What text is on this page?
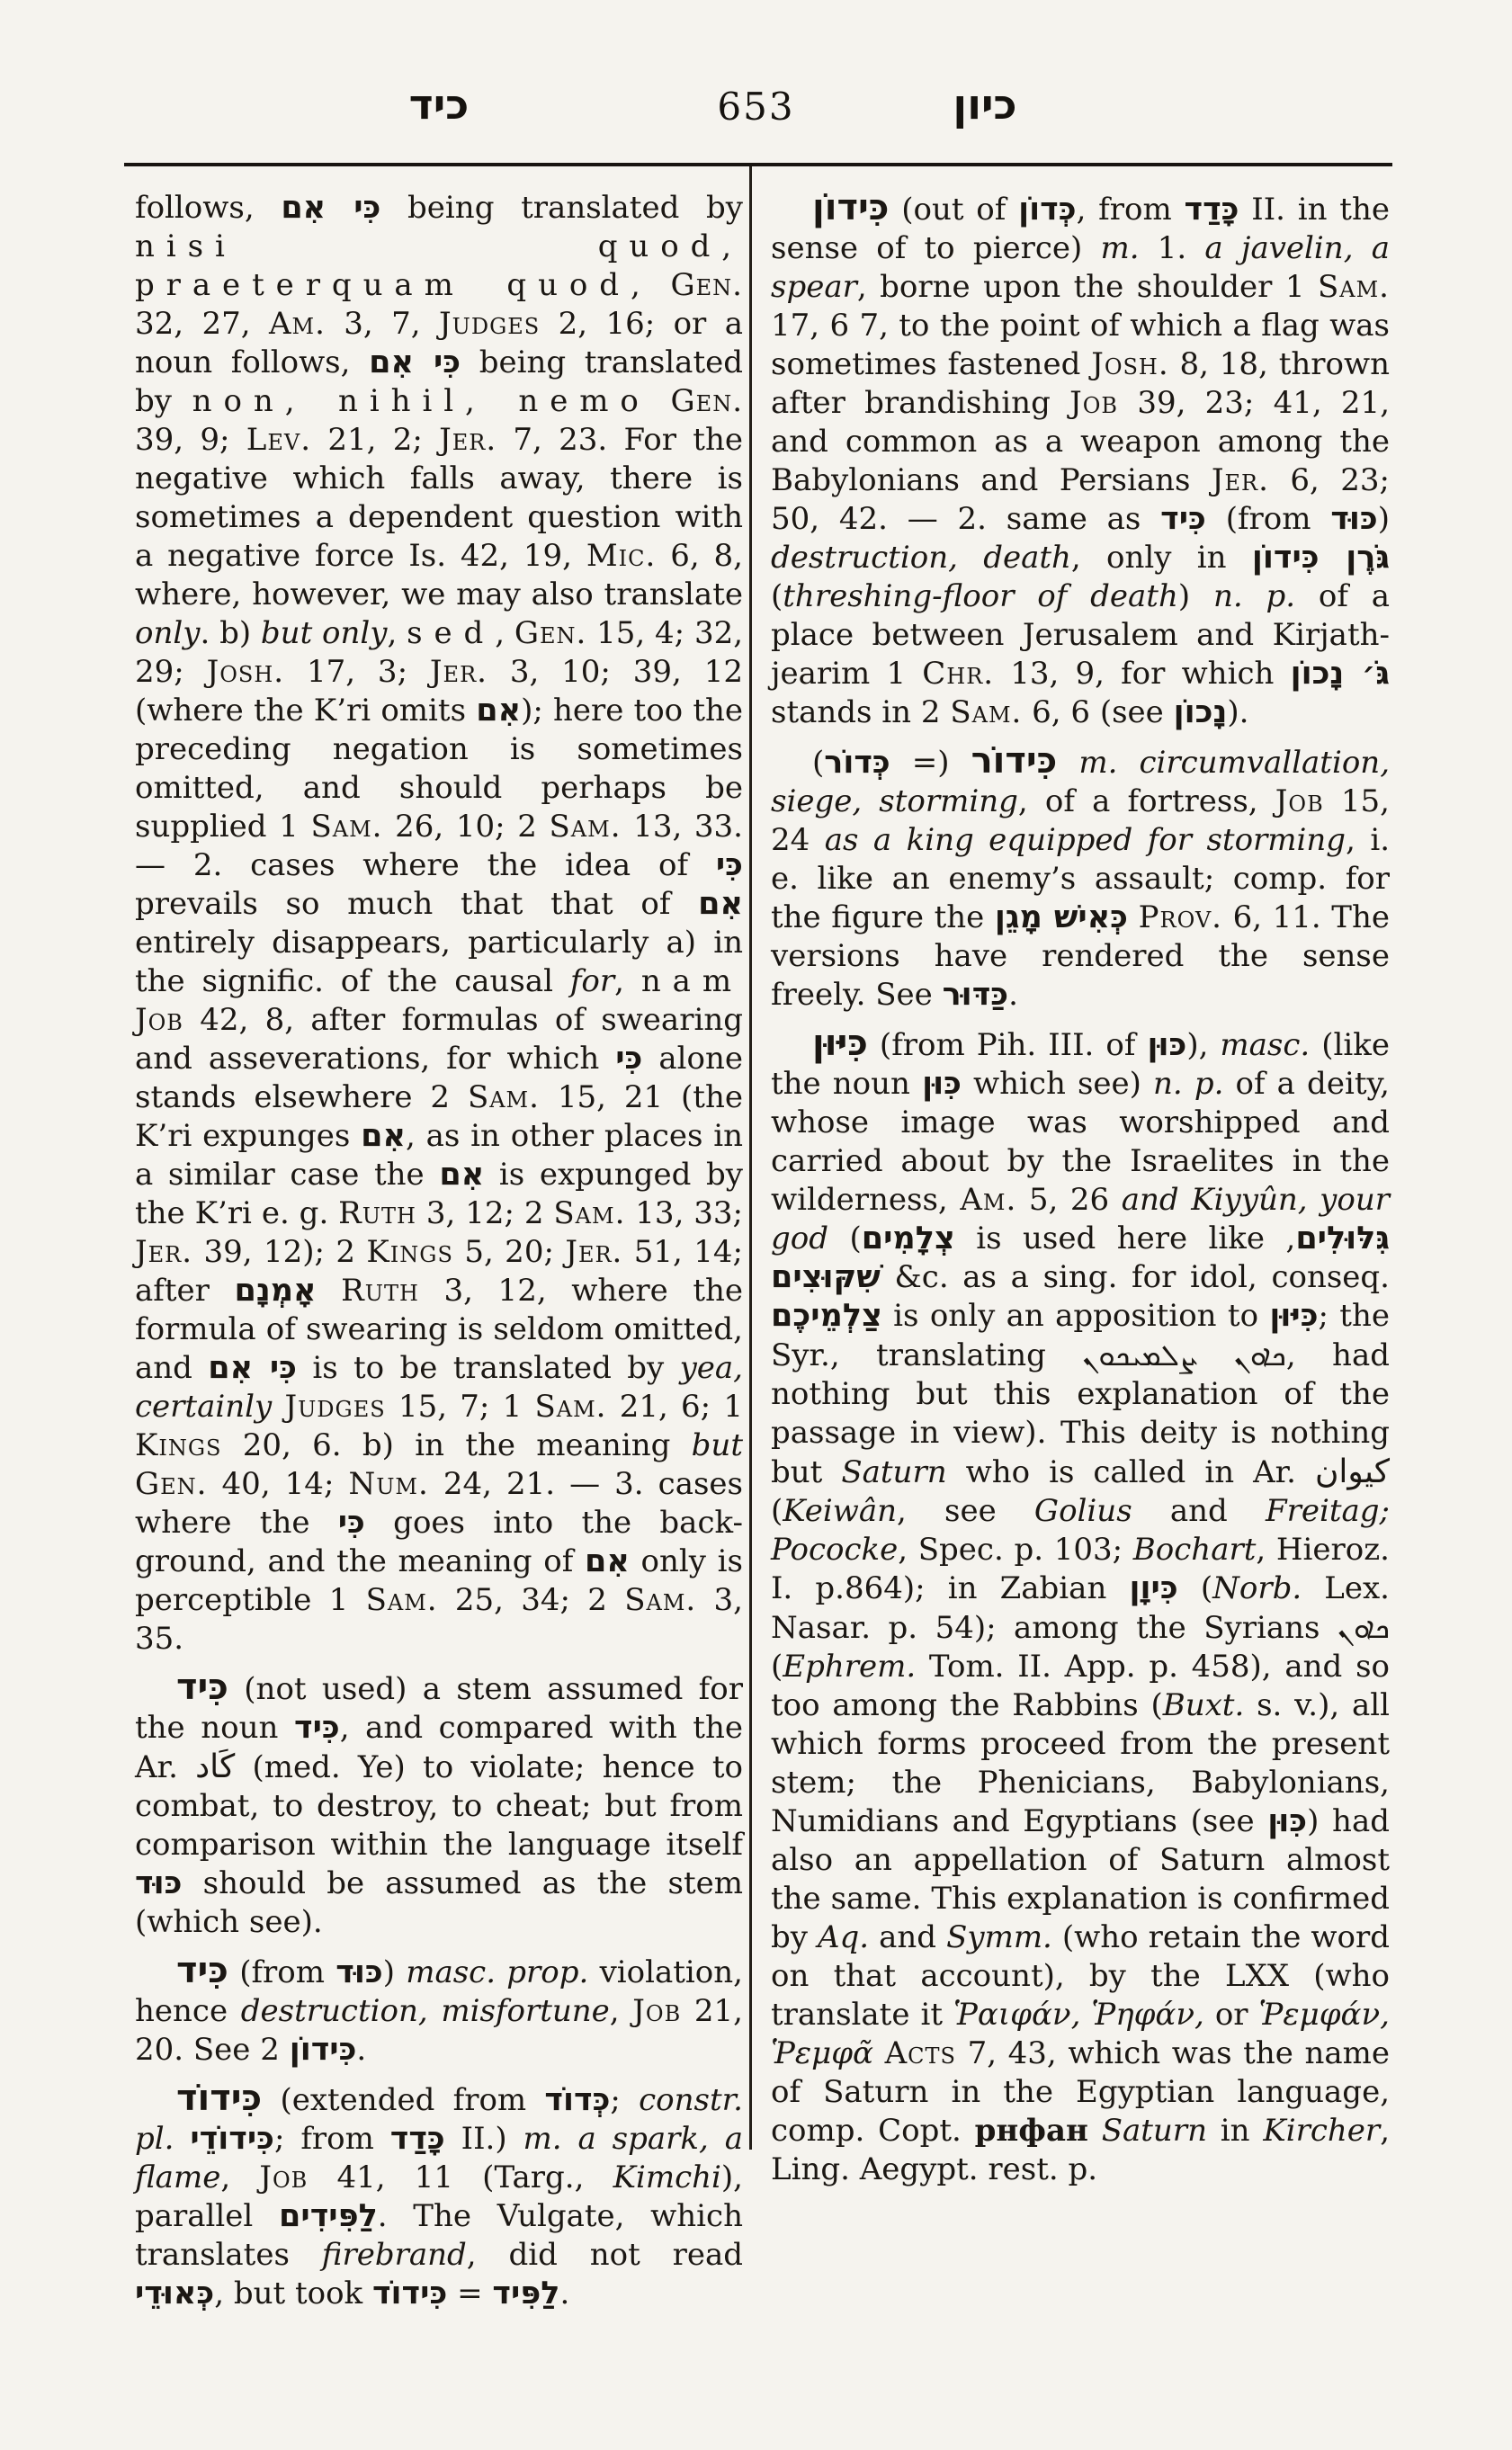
כיד	653	כיון

follows, כִּי אִם being translated by nisi quod, praeterquam quod, Gen. 32, 27, Am. 3, 7, Judges 2, 16; or a noun follows, כִּי אִם being translated by non, nihil, nemo Gen. 39, 9; Lev. 21, 2; Jer. 7, 23. For the negative which falls away, there is sometimes a dependent question with a negative force Is. 42, 19, Mic. 6, 8, where, however, we may also translate only. b) but only, sed, Gen. 15, 4; 32, 29; Josh. 17, 3; Jer. 3, 10; 39, 12 (where the K’ri omits אִם); here too the preceding negation is sometimes omitted, and should perhaps be supplied 1 Sam. 26, 10; 2 Sam. 13, 33. — 2. cases where the idea of כִּי prevails so much that that of אִם entirely disappears, particularly a) in the signific. of the causal for, nam Job 42, 8, after formulas of swearing and asseverations, for which כִּי alone stands elsewhere 2 Sam. 15, 21 (the K’ri expunges אִם, as in other places in a similar case the אִם is expunged by the K’ri e. g. Ruth 3, 12; 2 Sam. 13, 33; Jer. 39, 12); 2 Kings 5, 20; Jer. 51, 14; after אָמְנָם Ruth 3, 12, where the formula of swearing is seldom omitted, and כִּי אִם is to be translated by yea, certainly Judges 15, 7; 1 Sam. 21, 6; 1 Kings 20, 6. b) in the meaning but Gen. 40, 14; Num. 24, 21. — 3. cases where the כִּי goes into the back-ground, and the meaning of אִם only is perceptible 1 Sam. 25, 34; 2 Sam. 3, 35.

כִּיד (not used) a stem assumed for the noun כִּיד, and compared with the Ar. كَاد (med. Ye) to violate; hence to combat, to destroy, to cheat; but from comparison within the language itself כּוּד should be assumed as the stem (which see).

כִּיד (from כּוּד) masc. prop. violation, hence destruction, misfortune, Job 21, 20. See כִּידוֹן 2.

כִּידוֹד (extended from כְּדוֹד; constr. pl. כִּידוֹדֵי; from כָּדַד II.) m. a spark, a flame, Job 41, 11 (Targ., Kimchi), parallel לַפִּידִים. The Vulgate, which translates firebrand, did not read כְּאוּדֵי, but took	לַפִּיד = כִּידוֹד	.

כִּידוֹן (out of כְּדוֹן, from כָּדַד II. in the sense of to pierce) m. 1. a javelin, a spear, borne upon the shoulder 1 Sam. 17, 6 7, to the point of which a flag was sometimes fastened Josh. 8, 18, thrown after brandishing Job 39, 23; 41, 21, and common as a weapon among the Babylonians and Persians Jer. 6, 23; 50, 42. — 2. same as כִּיד (from כּוּד) destruction, death, only in גֹּרֶן כִּידוֹן (threshing-floor of death) n. p. of a place between Jerusalem and Kirjath-jearim 1 Chr. 13, 9, for which גֹּ׳ נָכוֹן stands in 2 Sam. 6, 6 (see נָכוֹן).

כִּידוֹר (= כְּדוֹר) m. circumvallation, siege, storming, of a fortress, Job 15, 24 as a king equipped for storming, i. e. like an enemy’s assault; comp. for the figure the כְּאִישׁ מָגֵן Prov. 6, 11. The versions have rendered the sense freely. See כַּדּוּר.

כִּיּוּן (from Pih. III. of כּוּן), masc. (like the noun כִּוּן which see) n. p. of a deity, whose image was worshipped and carried about by the Israelites in the wilderness, Am. 5, 26 and Kiyyûn, your god (צְלָמִים is used here like גִּלּוּלִים, שִׁקּוּצִים &c. as a sing. for idol, conseq. צַלְמֵיכֶם is only an apposition to כִּיּוּן; the Syr., translating ܟܐܘܢ ܨܠܡܝܟܘܢ, had nothing but this explanation of the passage in view). This deity is nothing but Saturn who is called in Ar. كيوان (Keiwân, see Golius and Freitag; Pococke, Spec. p. 103; Bochart, Hieroz. I. p.864); in Zabian כִּיוָן (Norb. Lex. Nasar. p. 54); among the Syrians ܟܐܘܢ (Ephrem. Tom. II. App. p. 458), and so too among the Rabbins (Buxt. s. v.), all which forms proceed from the present stem; the Phenicians, Babylonians, Numidians and Egyptians (see כִּוּן) had also an appellation of Saturn almost the same. This explanation is confirmed by Aq. and Symm. (who retain the word on that account), by the LXX (who translate it Ῥαιφάν, Ῥηφάν, or Ῥεμφάν, Ῥεμφᾶ Acts 7, 43, which was the name of Saturn in the Egyptian language, comp. Copt. рнфан Saturn in Kircher, Ling. Aegypt. rest. p.
